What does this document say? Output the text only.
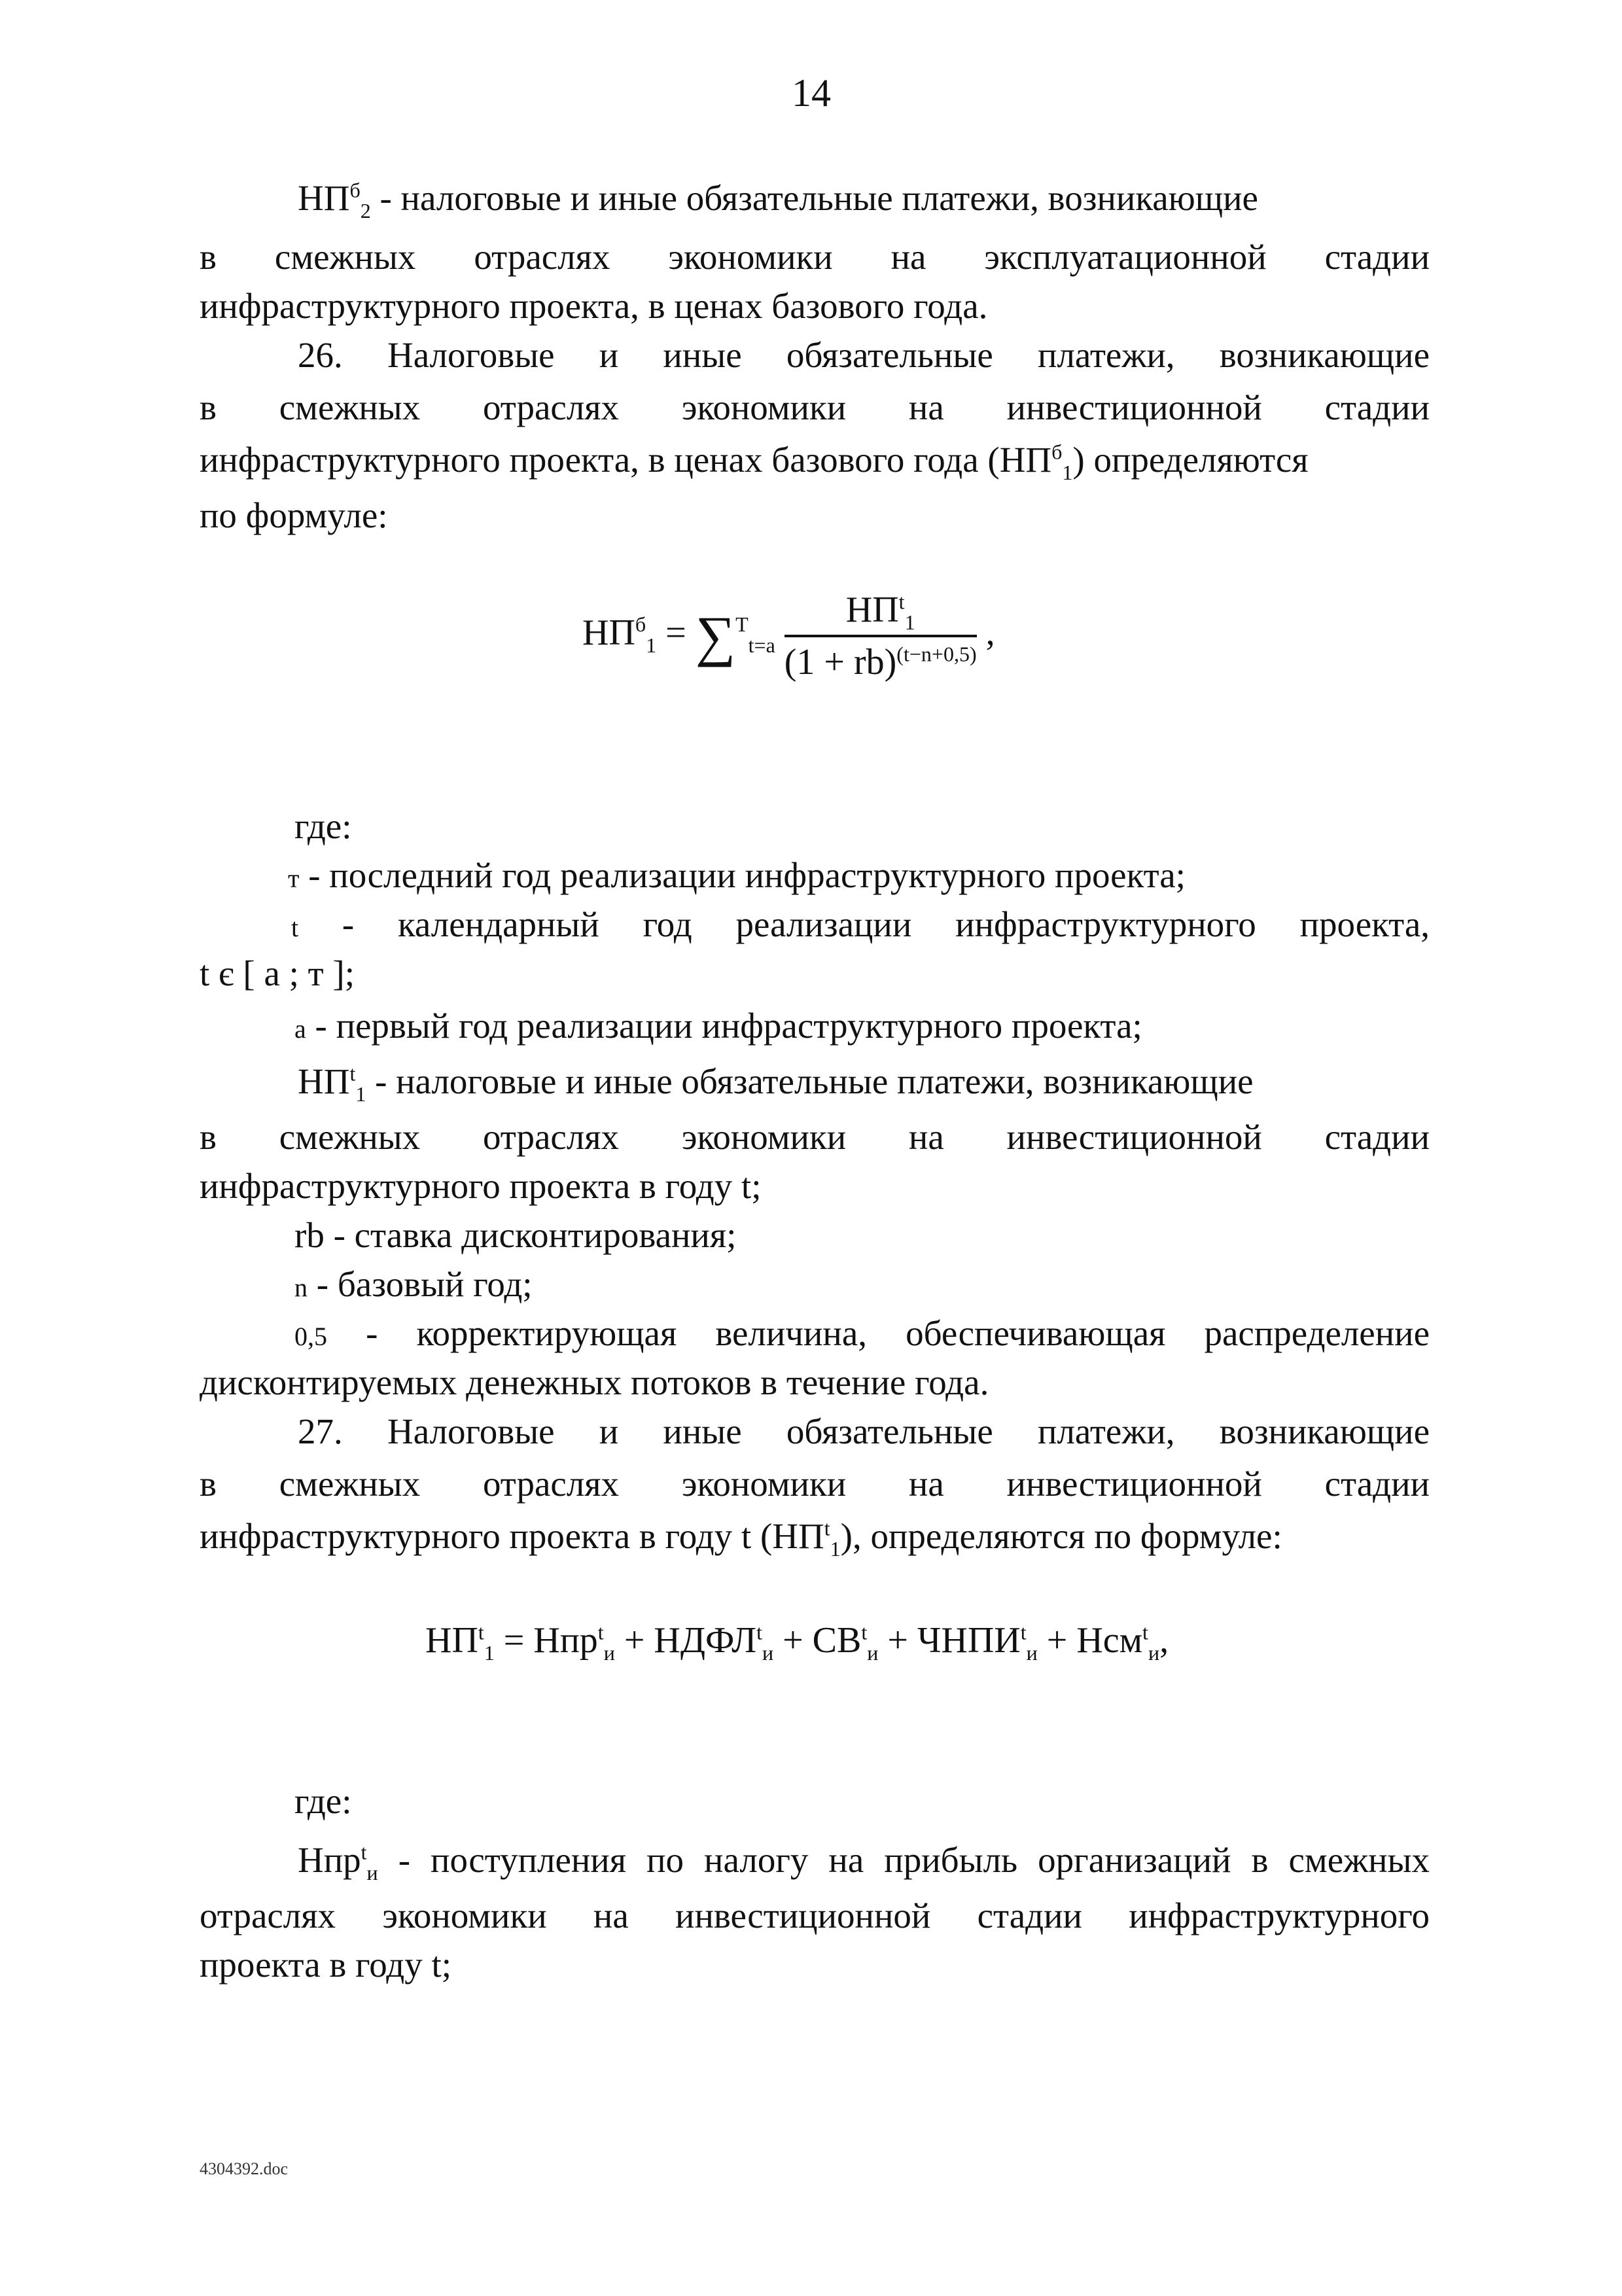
14
$НП^б_2$ - налоговые и иные обязательные платежи, возникающие
в смежных отраслях экономики на эксплуатационной стадии
инфраструктурного проекта, в ценах базового года.
26. Налоговые и иные обязательные платежи, возникающие
в смежных отраслях экономики на инвестиционной стадии
инфраструктурного проекта, в ценах базового года $(НП^б_1)$ определяются
по формуле:
$НП^б_1 = \sum^T_{t=a} \frac{НП^t_1}{(1 + rb)^{(t-n+0,5)}}$ ,
где:
т - последний год реализации инфраструктурного проекта;
t - календарный год реализации инфраструктурного проекта,
t є [ a ; т ];
a - первый год реализации инфраструктурного проекта;
$НП^t_1$ - налоговые и иные обязательные платежи, возникающие
в смежных отраслях экономики на инвестиционной стадии
инфраструктурного проекта в году t;
rb - ставка дисконтирования;
n - базовый год;
0,5 - корректирующая величина, обеспечивающая распределение
дисконтируемых денежных потоков в течение года.
27. Налоговые и иные обязательные платежи, возникающие
в смежных отраслях экономики на инвестиционной стадии
инфраструктурного проекта в году t $(НП^t_1)$, определяются по формуле:
$НП^t_1 = Нпр^t_и$ + $НДФЛ^t_и + СВ^t_и$ + $ЧНПИ^t_и + Нсм^t_и$,
где:
Нпр$^t_и$ - поступления по налогу на прибыль организаций в смежных
отраслях экономики на инвестиционной стадии инфраструктурного
проекта в году t;
4304392.doc
